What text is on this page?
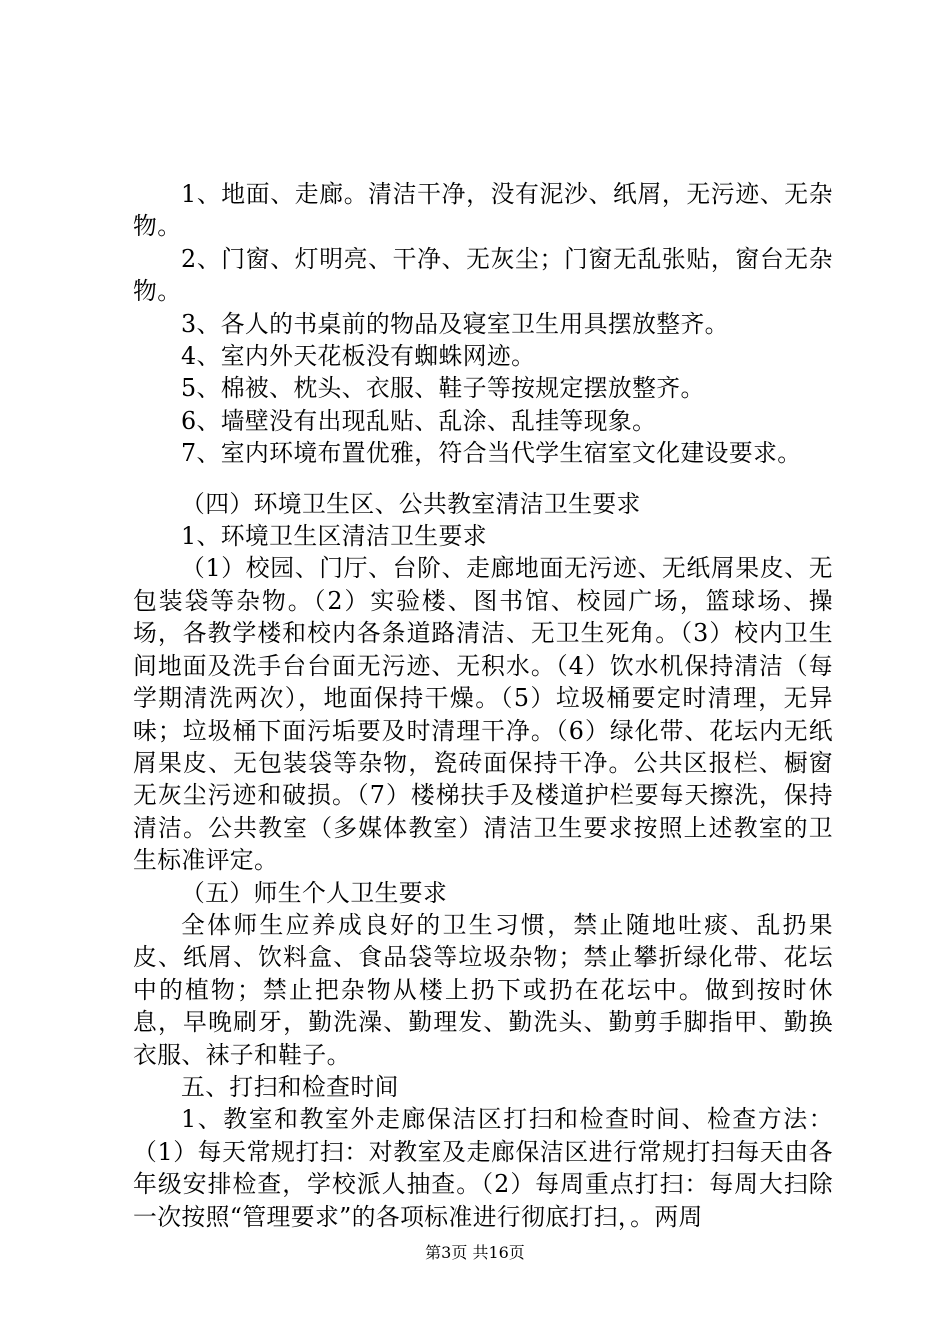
1、地面、走廊。清洁干净，没有泥沙、纸屑，无污迹、无杂物。

2、门窗、灯明亮、干净、无灰尘；门窗无乱张贴，窗台无杂物。

3、各人的书桌前的物品及寝室卫生用具摆放整齐。

4、室内外天花板没有蜘蛛网迹。

5、棉被、枕头、衣服、鞋子等按规定摆放整齐。

6、墙壁没有出现乱贴、乱涂、乱挂等现象。

7、室内环境布置优雅，符合当代学生宿室文化建设要求。

（四）环境卫生区、公共教室清洁卫生要求

1、环境卫生区清洁卫生要求

（1）校园、门厅、台阶、走廊地面无污迹、无纸屑果皮、无包装袋等杂物。（2）实验楼、图书馆、校园广场，篮球场、操场，各教学楼和校内各条道路清洁、无卫生死角。（3）校内卫生间地面及洗手台台面无污迹、无积水。（4）饮水机保持清洁（每学期清洗两次），地面保持干燥。（5）垃圾桶要定时清理，无异味；垃圾桶下面污垢要及时清理干净。（6）绿化带、花坛内无纸屑果皮、无包装袋等杂物，瓷砖面保持干净。公共区报栏、橱窗无灰尘污迹和破损。（7）楼梯扶手及楼道护栏要每天擦洗，保持清洁。公共教室（多媒体教室）清洁卫生要求按照上述教室的卫生标准评定。

（五）师生个人卫生要求

全体师生应养成良好的卫生习惯，禁止随地吐痰、乱扔果皮、纸屑、饮料盒、食品袋等垃圾杂物；禁止攀折绿化带、花坛中的植物；禁止把杂物从楼上扔下或扔在花坛中。做到按时休息，早晚刷牙，勤洗澡、勤理发、勤洗头、勤剪手脚指甲、勤换衣服、袜子和鞋子。

五、打扫和检查时间

1、教室和教室外走廊保洁区打扫和检查时间、检查方法：（1）每天常规打扫：对教室及走廊保洁区进行常规打扫每天由各年级安排检查，学校派人抽查。（2）每周重点打扫：每周大扫除一次按照“管理要求”的各项标准进行彻底打扫，。两周

第3页 共16页
